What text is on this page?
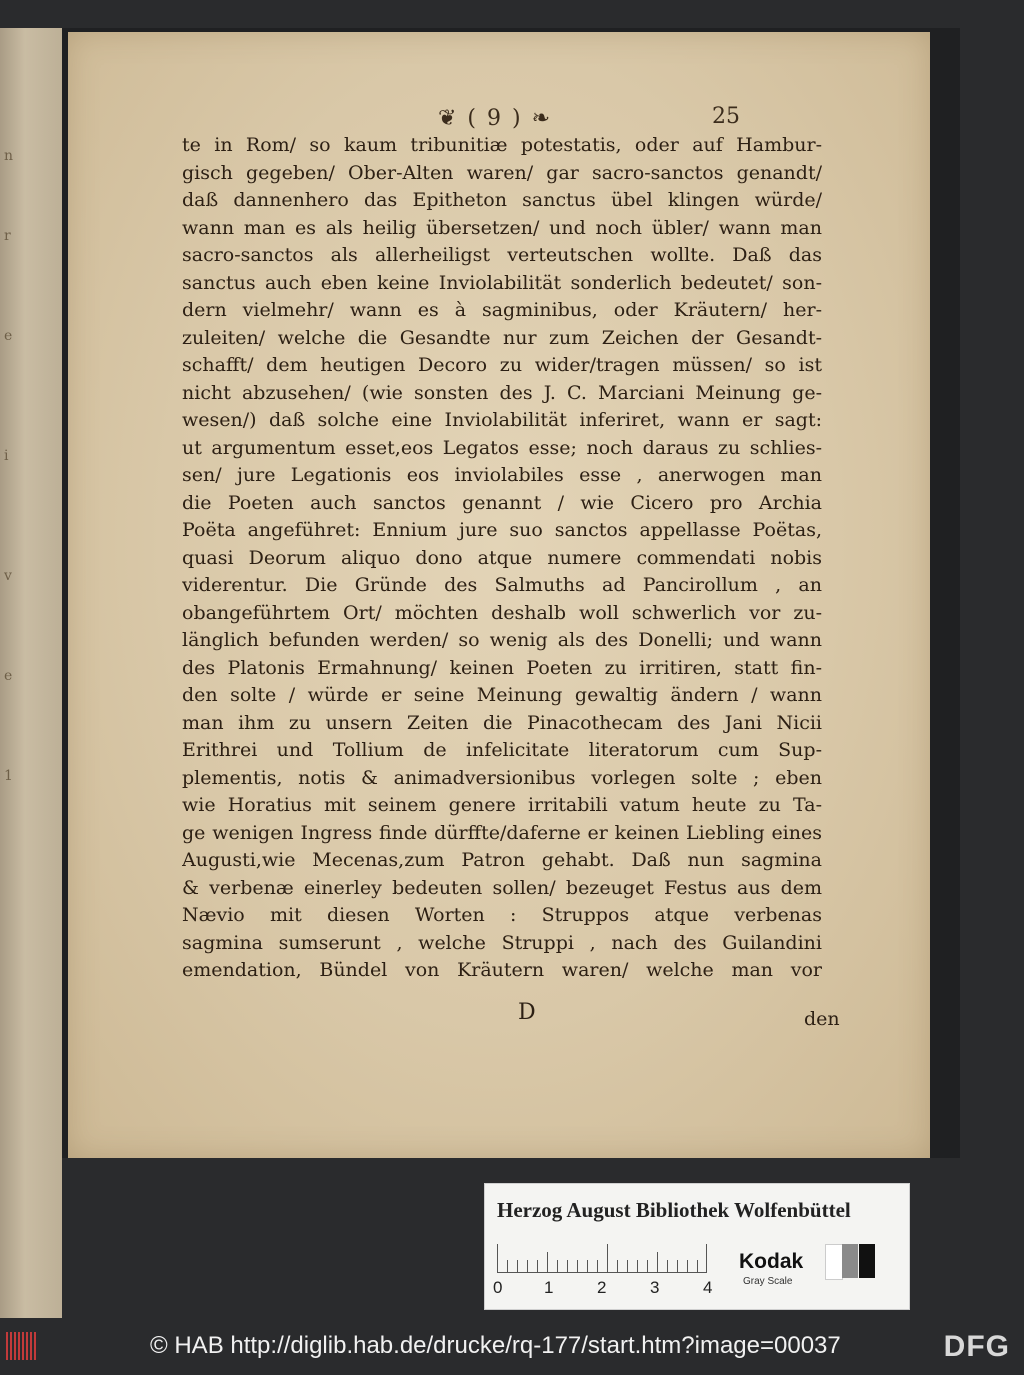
n
r
e
i
v
e
1
❦ ( 9 ) ❧	25
te in Rom/ so kaum tribunitiæ potestatis, oder auf Hambur-
gisch gegeben/ Ober-Alten waren/ gar sacro-sanctos genandt/
daß dannenhero das Epitheton sanctus übel klingen würde/
wann man es als heilig übersetzen/ und noch übler/ wann man
sacro-sanctos als allerheiligst verteutschen wollte. Daß das
sanctus auch eben keine Inviolabilität sonderlich bedeutet/ son-
dern vielmehr/ wann es à sagminibus, oder Kräutern/ her-
zuleiten/ welche die Gesandte nur zum Zeichen der Gesandt-
schafft/ dem heutigen Decoro zu wider/tragen müssen/ so ist
nicht abzusehen/ (wie sonsten des J. C. Marciani Meinung ge-
wesen/) daß solche eine Inviolabilität inferiret, wann er sagt:
ut argumentum esset,eos Legatos esse; noch daraus zu schlies-
sen/ jure Legationis eos inviolabiles esse , anerwogen man
die Poeten auch sanctos genannt / wie Cicero pro Archia
Poëta angeführet: Ennium jure suo sanctos appellasse Poëtas,
quasi Deorum aliquo dono atque numere commendati nobis
viderentur. Die Gründe des Salmuths ad Pancirollum , an
obangeführtem Ort/ möchten deshalb woll schwerlich vor zu-
länglich befunden werden/ so wenig als des Donelli; und wann
des Platonis Ermahnung/ keinen Poeten zu irritiren, statt fin-
den solte / würde er seine Meinung gewaltig ändern / wann
man ihm zu unsern Zeiten die Pinacothecam des Jani Nicii
Erithrei und Tollium de infelicitate literatorum cum Sup-
plementis, notis & animadversionibus vorlegen solte ; eben
wie Horatius mit seinem genere irritabili vatum heute zu Ta-
ge wenigen Ingress finde dürffte/daferne er keinen Liebling eines
Augusti,wie Mecenas,zum Patron gehabt. Daß nun sagmina
& verbenæ einerley bedeuten sollen/ bezeuget Festus aus dem
Nævio mit diesen Worten : Struppos atque verbenas
sagmina sumserunt , welche Struppi , nach des Guilandini
emendation, Bündel von Kräutern waren/ welche man vor
D	den
Herzog August Bibliothek Wolfenbüttel
0 1	2	3	4
Kodak
Gray Scale
© HAB http://diglib.hab.de/drucke/rq-177/start.htm?image=00037	DFG
